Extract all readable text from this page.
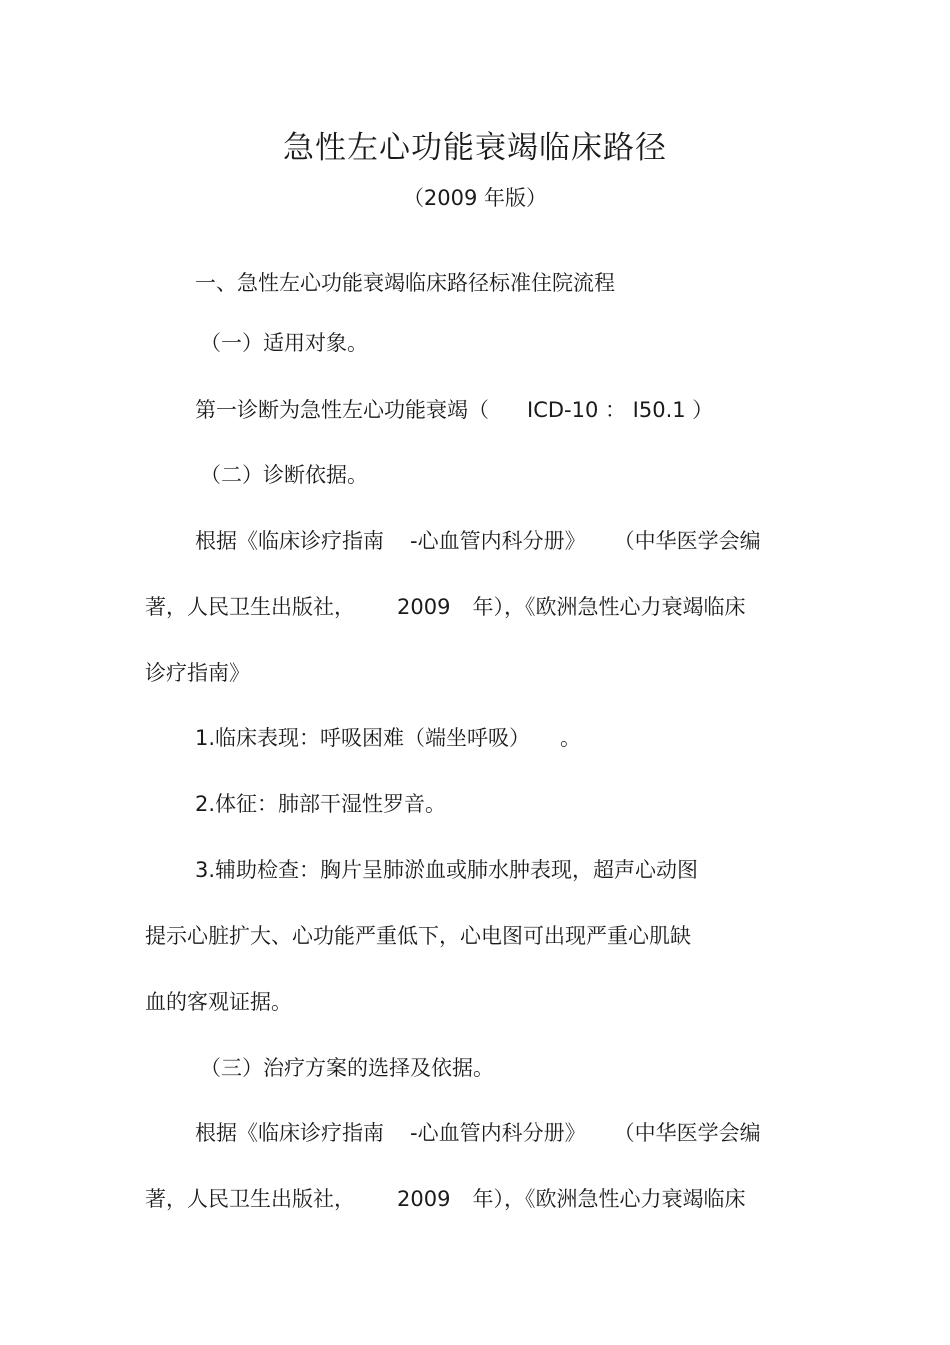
急性左心功能衰竭临床路径
（2009 年版）
一、急性左心功能衰竭临床路径标准住院流程
（一）适用对象。
第一诊断为急性左心功能衰竭（ ICD-10 ： I50.1 ）
（二）诊断依据。
根据《临床诊疗指南 -心血管内科分册》 （中华医学会编
著，人民卫生出版社， 2009 年），《欧洲急性心力衰竭临床
诊疗指南》
1.临床表现：呼吸困难（端坐呼吸） 。
2.体征：肺部干湿性罗音。
3.辅助检查：胸片呈肺淤血或肺水肿表现，超声心动图
提示心脏扩大、心功能严重低下，心电图可出现严重心肌缺
血的客观证据。
（三）治疗方案的选择及依据。
根据《临床诊疗指南 -心血管内科分册》 （中华医学会编
著，人民卫生出版社， 2009 年），《欧洲急性心力衰竭临床
